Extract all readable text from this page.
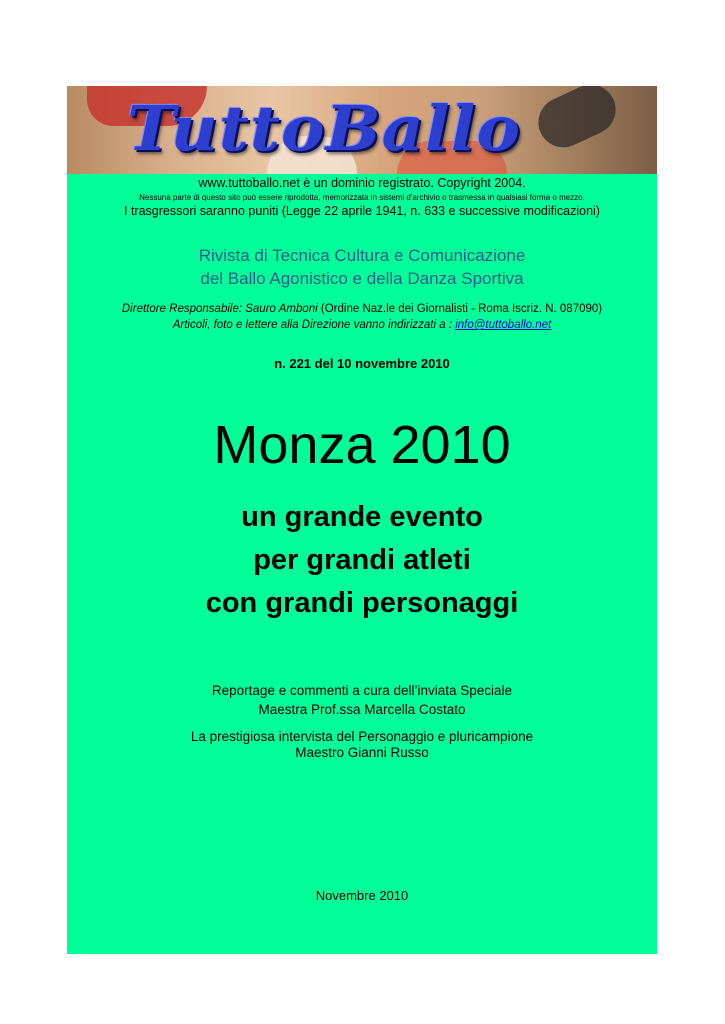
TuttoBallo
www.tuttoballo.net è un dominio registrato. Copyright 2004.
Nessuna parte di questo sito può essere riprodotta, memorizzata in sistemi d'archivio o trasmessa in qualsiasi forma o mezzo.
I trasgressori saranno puniti (Legge 22 aprile 1941, n. 633 e successive modificazioni)
Rivista di Tecnica Cultura e Comunicazione
del Ballo Agonistico e della Danza Sportiva
Direttore Responsabile: Sauro Amboni (Ordine Naz.le dei Giornalisti - Roma Iscriz. N. 087090)
Articoli, foto e lettere alla Direzione vanno indirizzati a : info@tuttoballo.net
n. 221 del 10 novembre 2010
Monza 2010
un grande evento
per grandi atleti
con grandi personaggi
Reportage e commenti a cura dell’inviata Speciale
Maestra Prof.ssa Marcella Costato
La prestigiosa intervista del Personaggio e pluricampione
Maestro Gianni Russo
Novembre 2010
